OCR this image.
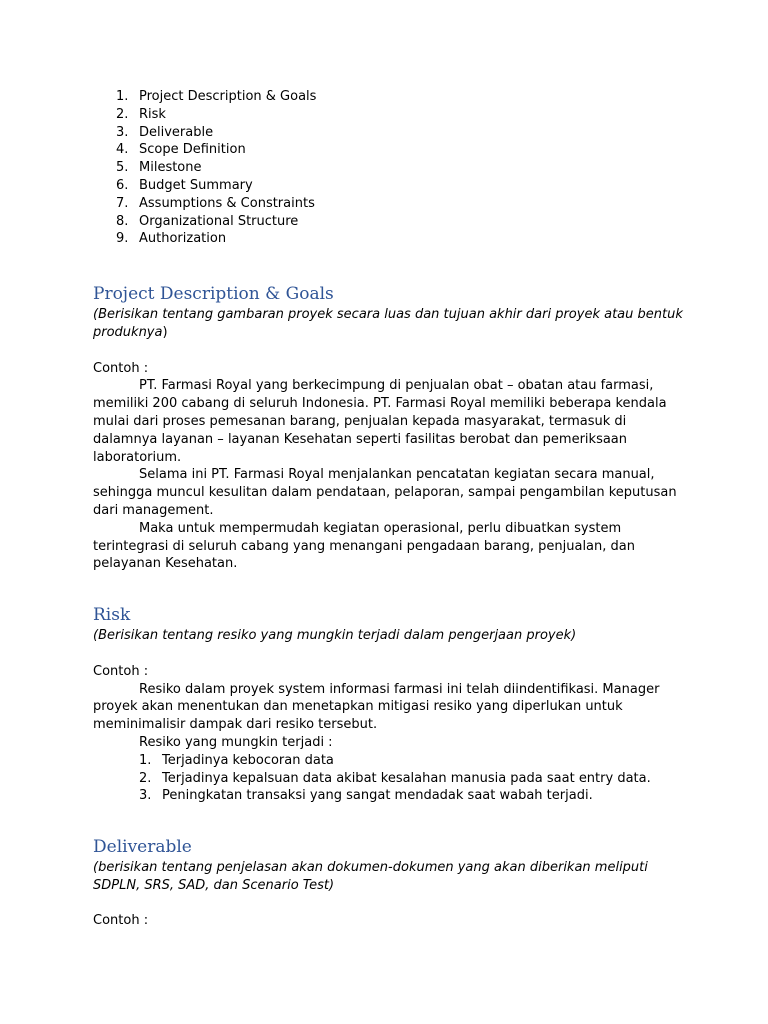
1. Project Description & Goals
2. Risk
3. Deliverable
4. Scope Definition
5. Milestone
6. Budget Summary
7. Assumptions & Constraints
8. Organizational Structure
9. Authorization
Project Description & Goals

(Berisikan tentang gambaran proyek secara luas dan tujuan akhir dari proyek atau bentuk produknya)

Contoh :

PT. Farmasi Royal yang berkecimpung di penjualan obat – obatan atau farmasi, memiliki 200 cabang di seluruh Indonesia. PT. Farmasi Royal memiliki beberapa kendala mulai dari proses pemesanan barang, penjualan kepada masyarakat, termasuk di dalamnya layanan – layanan Kesehatan seperti fasilitas berobat dan pemeriksaan laboratorium.

Selama ini PT. Farmasi Royal menjalankan pencatatan kegiatan secara manual, sehingga muncul kesulitan dalam pendataan, pelaporan, sampai pengambilan keputusan dari management.

Maka untuk mempermudah kegiatan operasional, perlu dibuatkan system terintegrasi di seluruh cabang yang menangani pengadaan barang, penjualan, dan pelayanan Kesehatan.

Risk

(Berisikan tentang resiko yang mungkin terjadi dalam pengerjaan proyek)

Contoh :

Resiko dalam proyek system informasi farmasi ini telah diindentifikasi. Manager proyek akan menentukan dan menetapkan mitigasi resiko yang diperlukan untuk meminimalisir dampak dari resiko tersebut.

Resiko yang mungkin terjadi :

1. Terjadinya kebocoran data
2. Terjadinya kepalsuan data akibat kesalahan manusia pada saat entry data.
3. Peningkatan transaksi yang sangat mendadak saat wabah terjadi.
Deliverable

(berisikan tentang penjelasan akan dokumen-dokumen yang akan diberikan meliputi SDPLN, SRS, SAD, dan Scenario Test)

Contoh :
